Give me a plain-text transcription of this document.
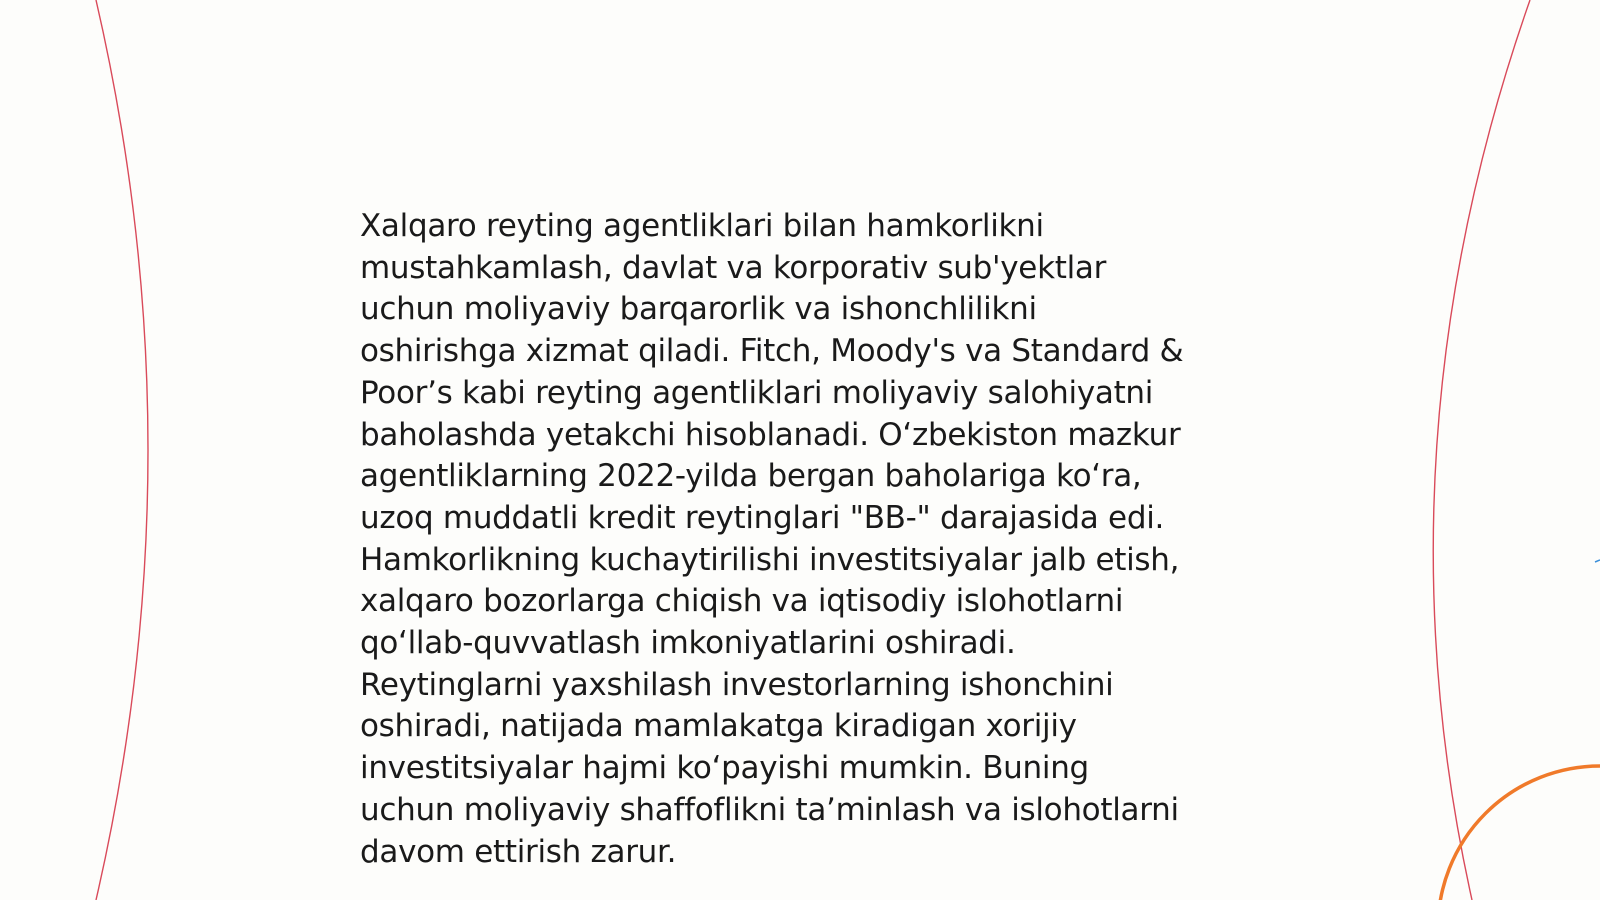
Xalqaro reyting agentliklari bilan hamkorlikni
mustahkamlash, davlat va korporativ sub'yektlar
uchun moliyaviy barqarorlik va ishonchlilikni
oshirishga xizmat qiladi. Fitch, Moody's va Standard &
Poor’s kabi reyting agentliklari moliyaviy salohiyatni
baholashda yetakchi hisoblanadi. O‘zbekiston mazkur
agentliklarning 2022-yilda bergan baholariga ko‘ra,
uzoq muddatli kredit reytinglari "BB-" darajasida edi.
Hamkorlikning kuchaytirilishi investitsiyalar jalb etish,
xalqaro bozorlarga chiqish va iqtisodiy islohotlarni
qo‘llab-quvvatlash imkoniyatlarini oshiradi.
Reytinglarni yaxshilash investorlarning ishonchini
oshiradi, natijada mamlakatga kiradigan xorijiy
investitsiyalar hajmi ko‘payishi mumkin. Buning
uchun moliyaviy shaffoflikni ta’minlash va islohotlarni
davom ettirish zarur.
